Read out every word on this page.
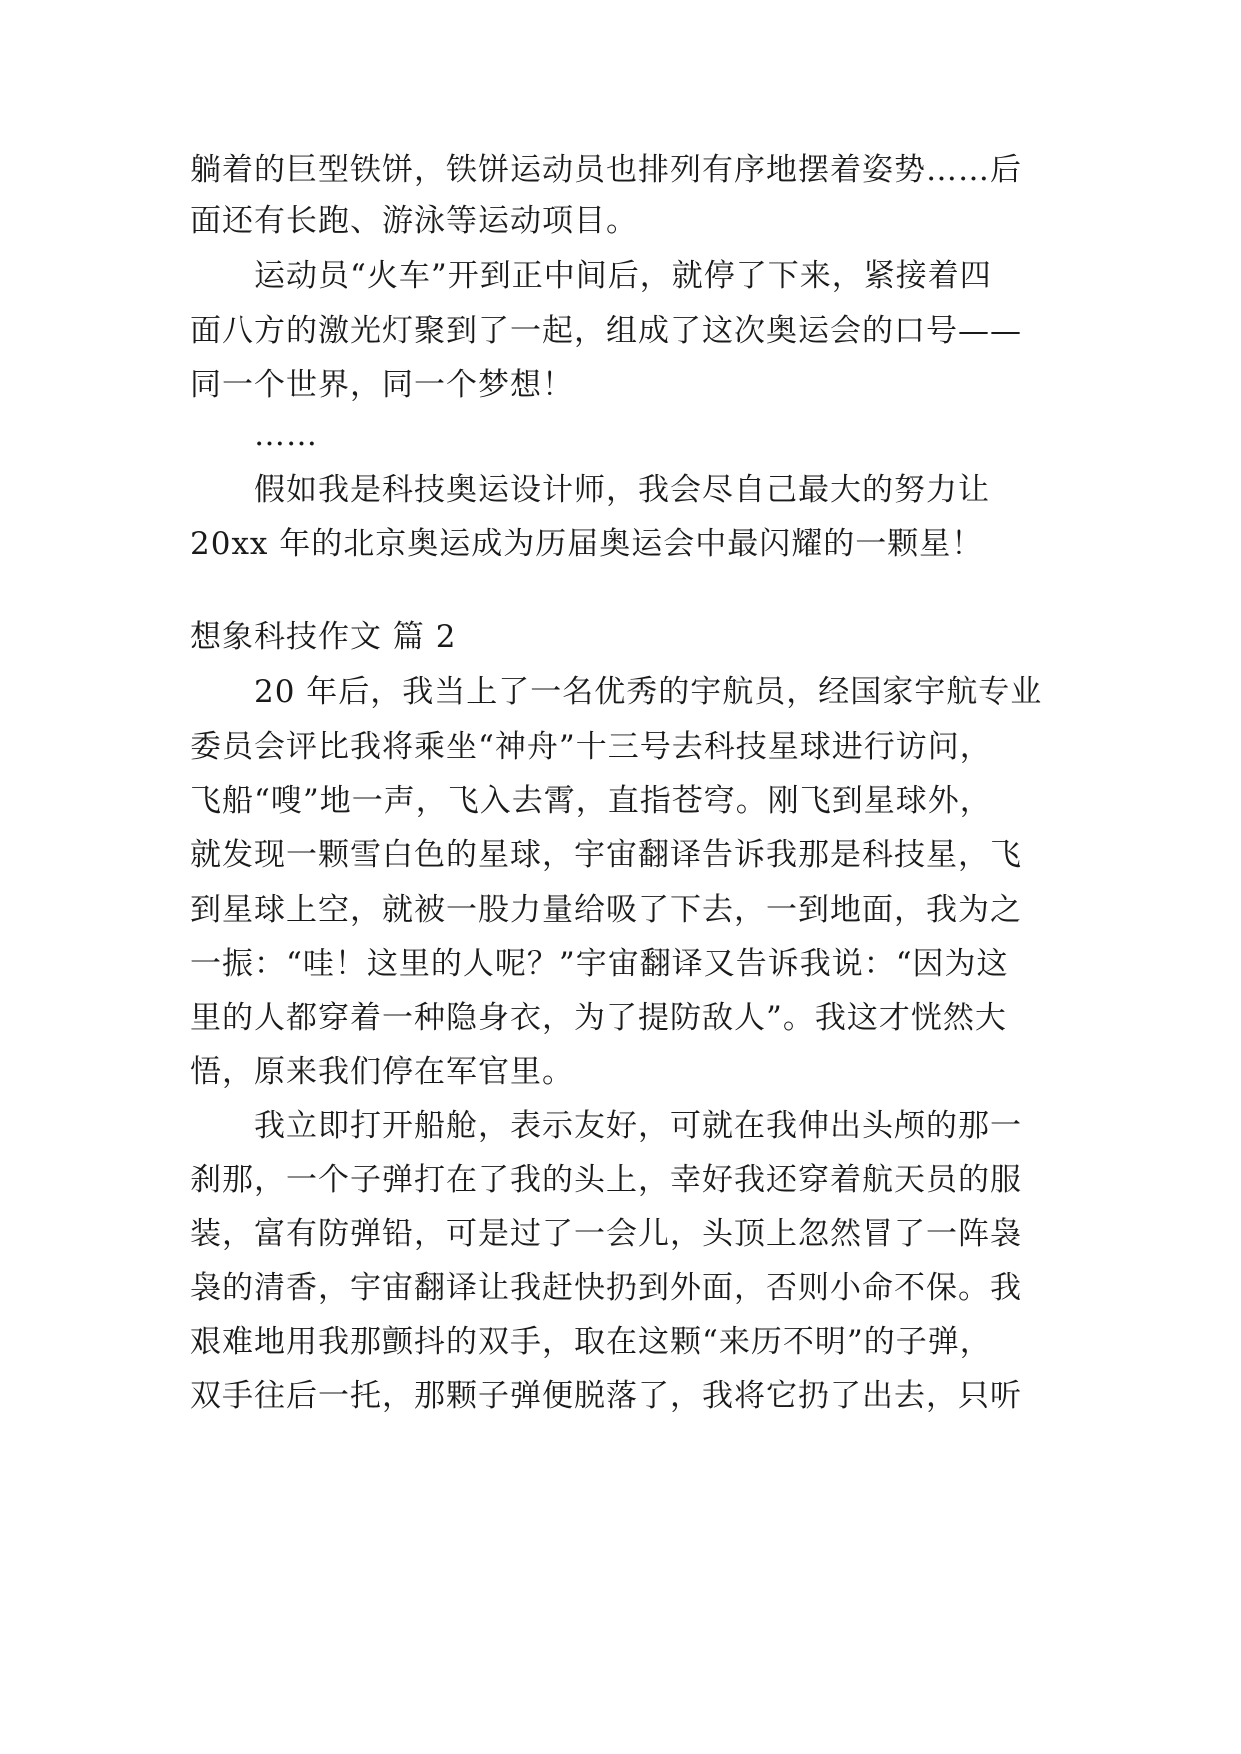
躺着的巨型铁饼，铁饼运动员也排列有序地摆着姿势……后
面还有长跑、游泳等运动项目。
运动员“火车”开到正中间后，就停了下来，紧接着四
面八方的激光灯聚到了一起，组成了这次奥运会的口号——
同一个世界，同一个梦想！
……
假如我是科技奥运设计师，我会尽自己最大的努力让
20xx 年的北京奥运成为历届奥运会中最闪耀的一颗星！
想象科技作文 篇 2
20 年后，我当上了一名优秀的宇航员，经国家宇航专业
委员会评比我将乘坐“神舟”十三号去科技星球进行访问，
飞船“嗖”地一声，飞入去霄，直指苍穹。刚飞到星球外，
就发现一颗雪白色的星球，宇宙翻译告诉我那是科技星，飞
到星球上空，就被一股力量给吸了下去，一到地面，我为之
一振：“哇！这里的人呢？”宇宙翻译又告诉我说：“因为这
里的人都穿着一种隐身衣，为了提防敌人”。我这才恍然大
悟，原来我们停在军官里。
我立即打开船舱，表示友好，可就在我伸出头颅的那一
刹那，一个子弹打在了我的头上，幸好我还穿着航天员的服
装，富有防弹铅，可是过了一会儿，头顶上忽然冒了一阵袅
袅的清香，宇宙翻译让我赶快扔到外面，否则小命不保。我
艰难地用我那颤抖的双手，取在这颗“来历不明”的子弹，
双手往后一托，那颗子弹便脱落了，我将它扔了出去，只听
